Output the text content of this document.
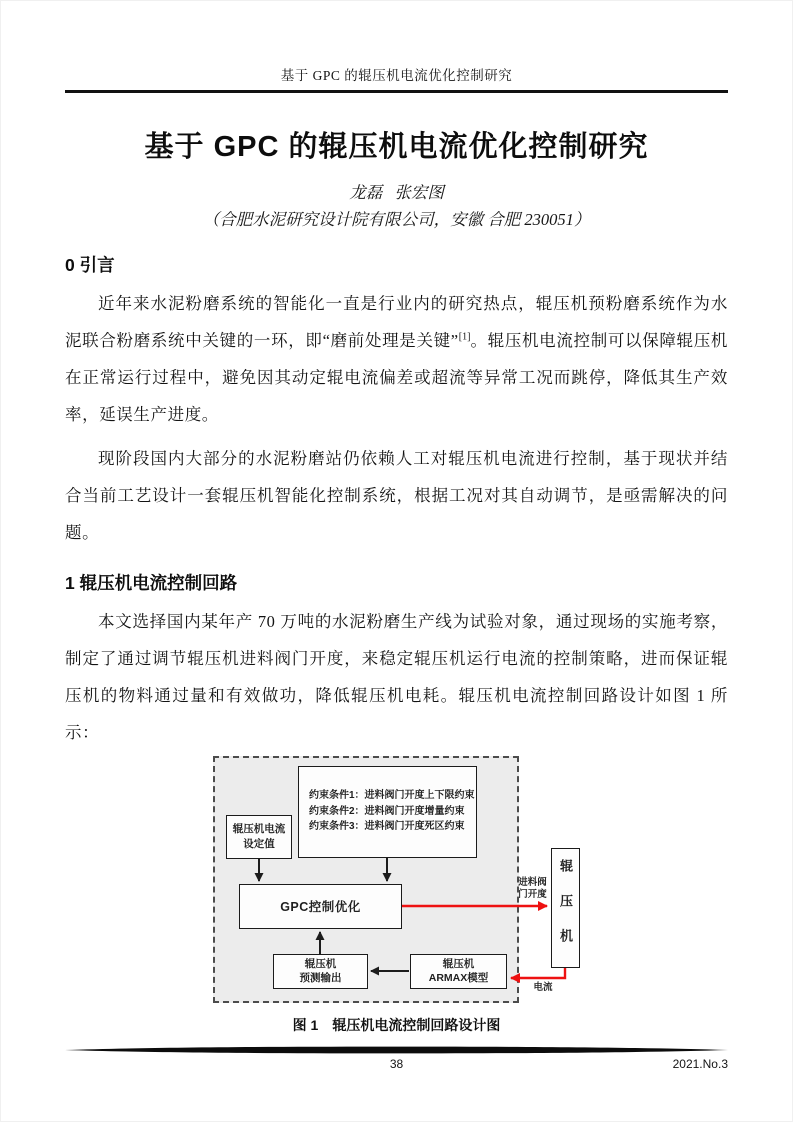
基于 GPC 的辊压机电流优化控制研究
基于 GPC 的辊压机电流优化控制研究
龙磊 张宏图
（合肥水泥研究设计院有限公司，安徽 合肥 230051）
0 引言

近年来水泥粉磨系统的智能化一直是行业内的研究热点，辊压机预粉磨系统作为水泥联合粉磨系统中关键的一环，即“磨前处理是关键”[1]。辊压机电流控制可以保障辊压机在正常运行过程中，避免因其动定辊电流偏差或超流等异常工况而跳停，降低其生产效率，延误生产进度。

现阶段国内大部分的水泥粉磨站仍依赖人工对辊压机电流进行控制，基于现状并结合当前工艺设计一套辊压机智能化控制系统，根据工况对其自动调节，是亟需解决的问题。

1 辊压机电流控制回路

本文选择国内某年产 70 万吨的水泥粉磨生产线为试验对象，通过现场的实施考察，制定了通过调节辊压机进料阀门开度，来稳定辊压机运行电流的控制策略，进而保证辊压机的物料通过量和有效做功，降低辊压机电耗。辊压机电流控制回路设计如图 1 所示：

辊压机电流
设定值
约束条件1：进料阀门开度上下限约束
约束条件2：进料阀门开度增量约束
约束条件3：进料阀门开度死区约束
GPC控制优化
辊压机
预测输出
辊压机
ARMAX模型
辊压机
进料阀门开度
电流
图 1　辊压机电流控制回路设计图
38	2021.No.3
